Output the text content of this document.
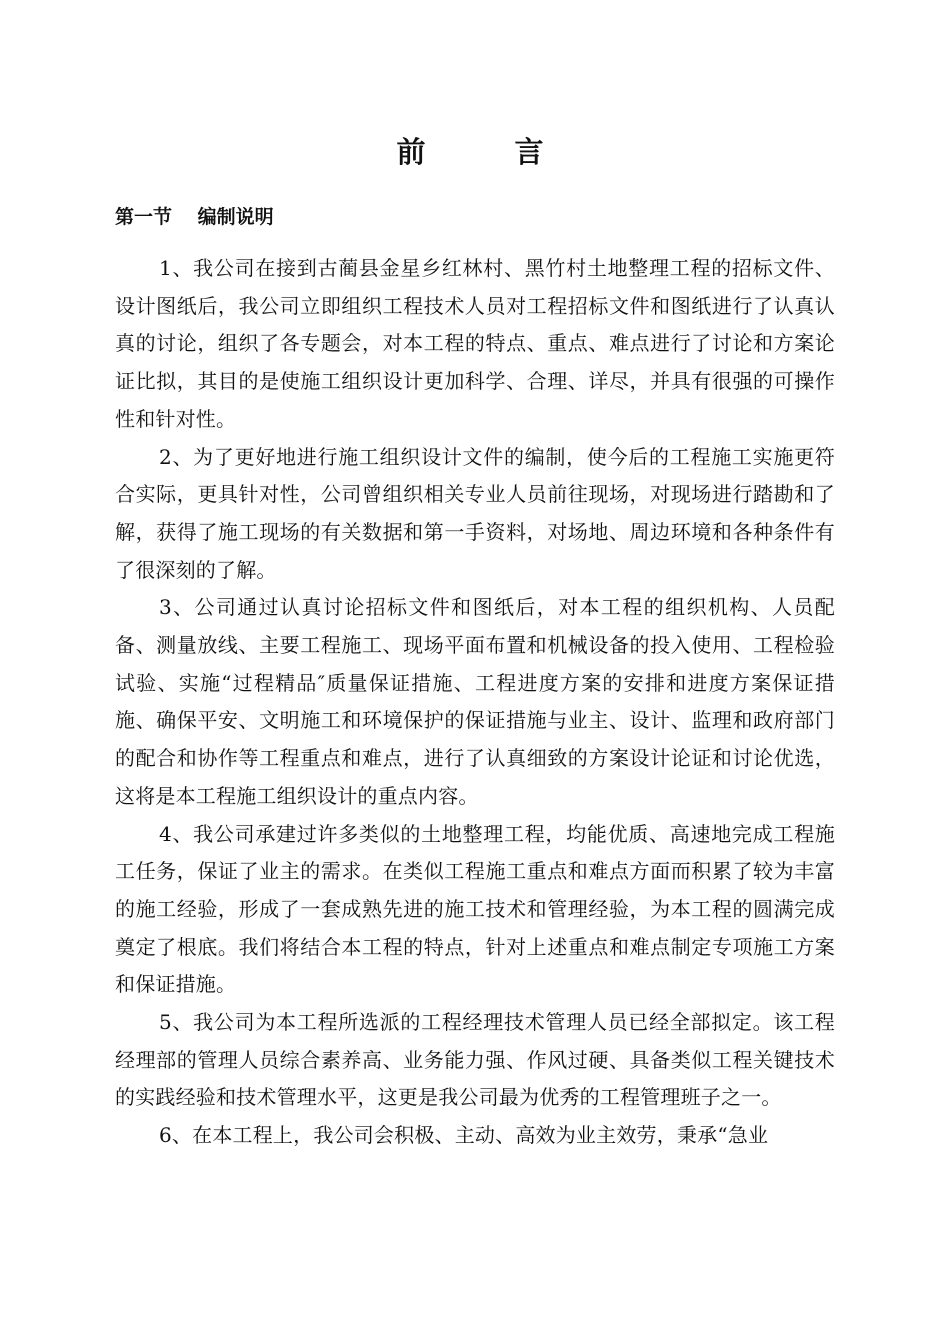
前　言
第一节　 编制说明

1、我公司在接到古蔺县金星乡红林村、黑竹村土地整理工程的招标文件、设计图纸后，我公司立即组织工程技术人员对工程招标文件和图纸进行了认真认真的讨论，组织了各专题会，对本工程的特点、重点、难点进行了讨论和方案论证比拟，其目的是使施工组织设计更加科学、合理、详尽，并具有很强的可操作性和针对性。

2、为了更好地进行施工组织设计文件的编制，使今后的工程施工实施更符合实际，更具针对性，公司曾组织相关专业人员前往现场，对现场进行踏勘和了解，获得了施工现场的有关数据和第一手资料，对场地、周边环境和各种条件有了很深刻的了解。

3、公司通过认真讨论招标文件和图纸后，对本工程的组织机构、人员配备、测量放线、主要工程施工、现场平面布置和机械设备的投入使用、工程检验试验、实施“过程精品″质量保证措施、工程进度方案的安排和进度方案保证措施、确保平安、文明施工和环境保护的保证措施与业主、设计、监理和政府部门的配合和协作等工程重点和难点，进行了认真细致的方案设计论证和讨论优选，这将是本工程施工组织设计的重点内容。

4、我公司承建过许多类似的土地整理工程，均能优质、高速地完成工程施工任务，保证了业主的需求。在类似工程施工重点和难点方面而积累了较为丰富的施工经验，形成了一套成熟先进的施工技术和管理经验，为本工程的圆满完成奠定了根底。我们将结合本工程的特点，针对上述重点和难点制定专项施工方案和保证措施。

5、我公司为本工程所选派的工程经理技术管理人员已经全部拟定。该工程经理部的管理人员综合素养高、业务能力强、作风过硬、具备类似工程关键技术的实践经验和技术管理水平，这更是我公司最为优秀的工程管理班子之一。

6、在本工程上，我公司会积极、主动、高效为业主效劳，秉承“急业
